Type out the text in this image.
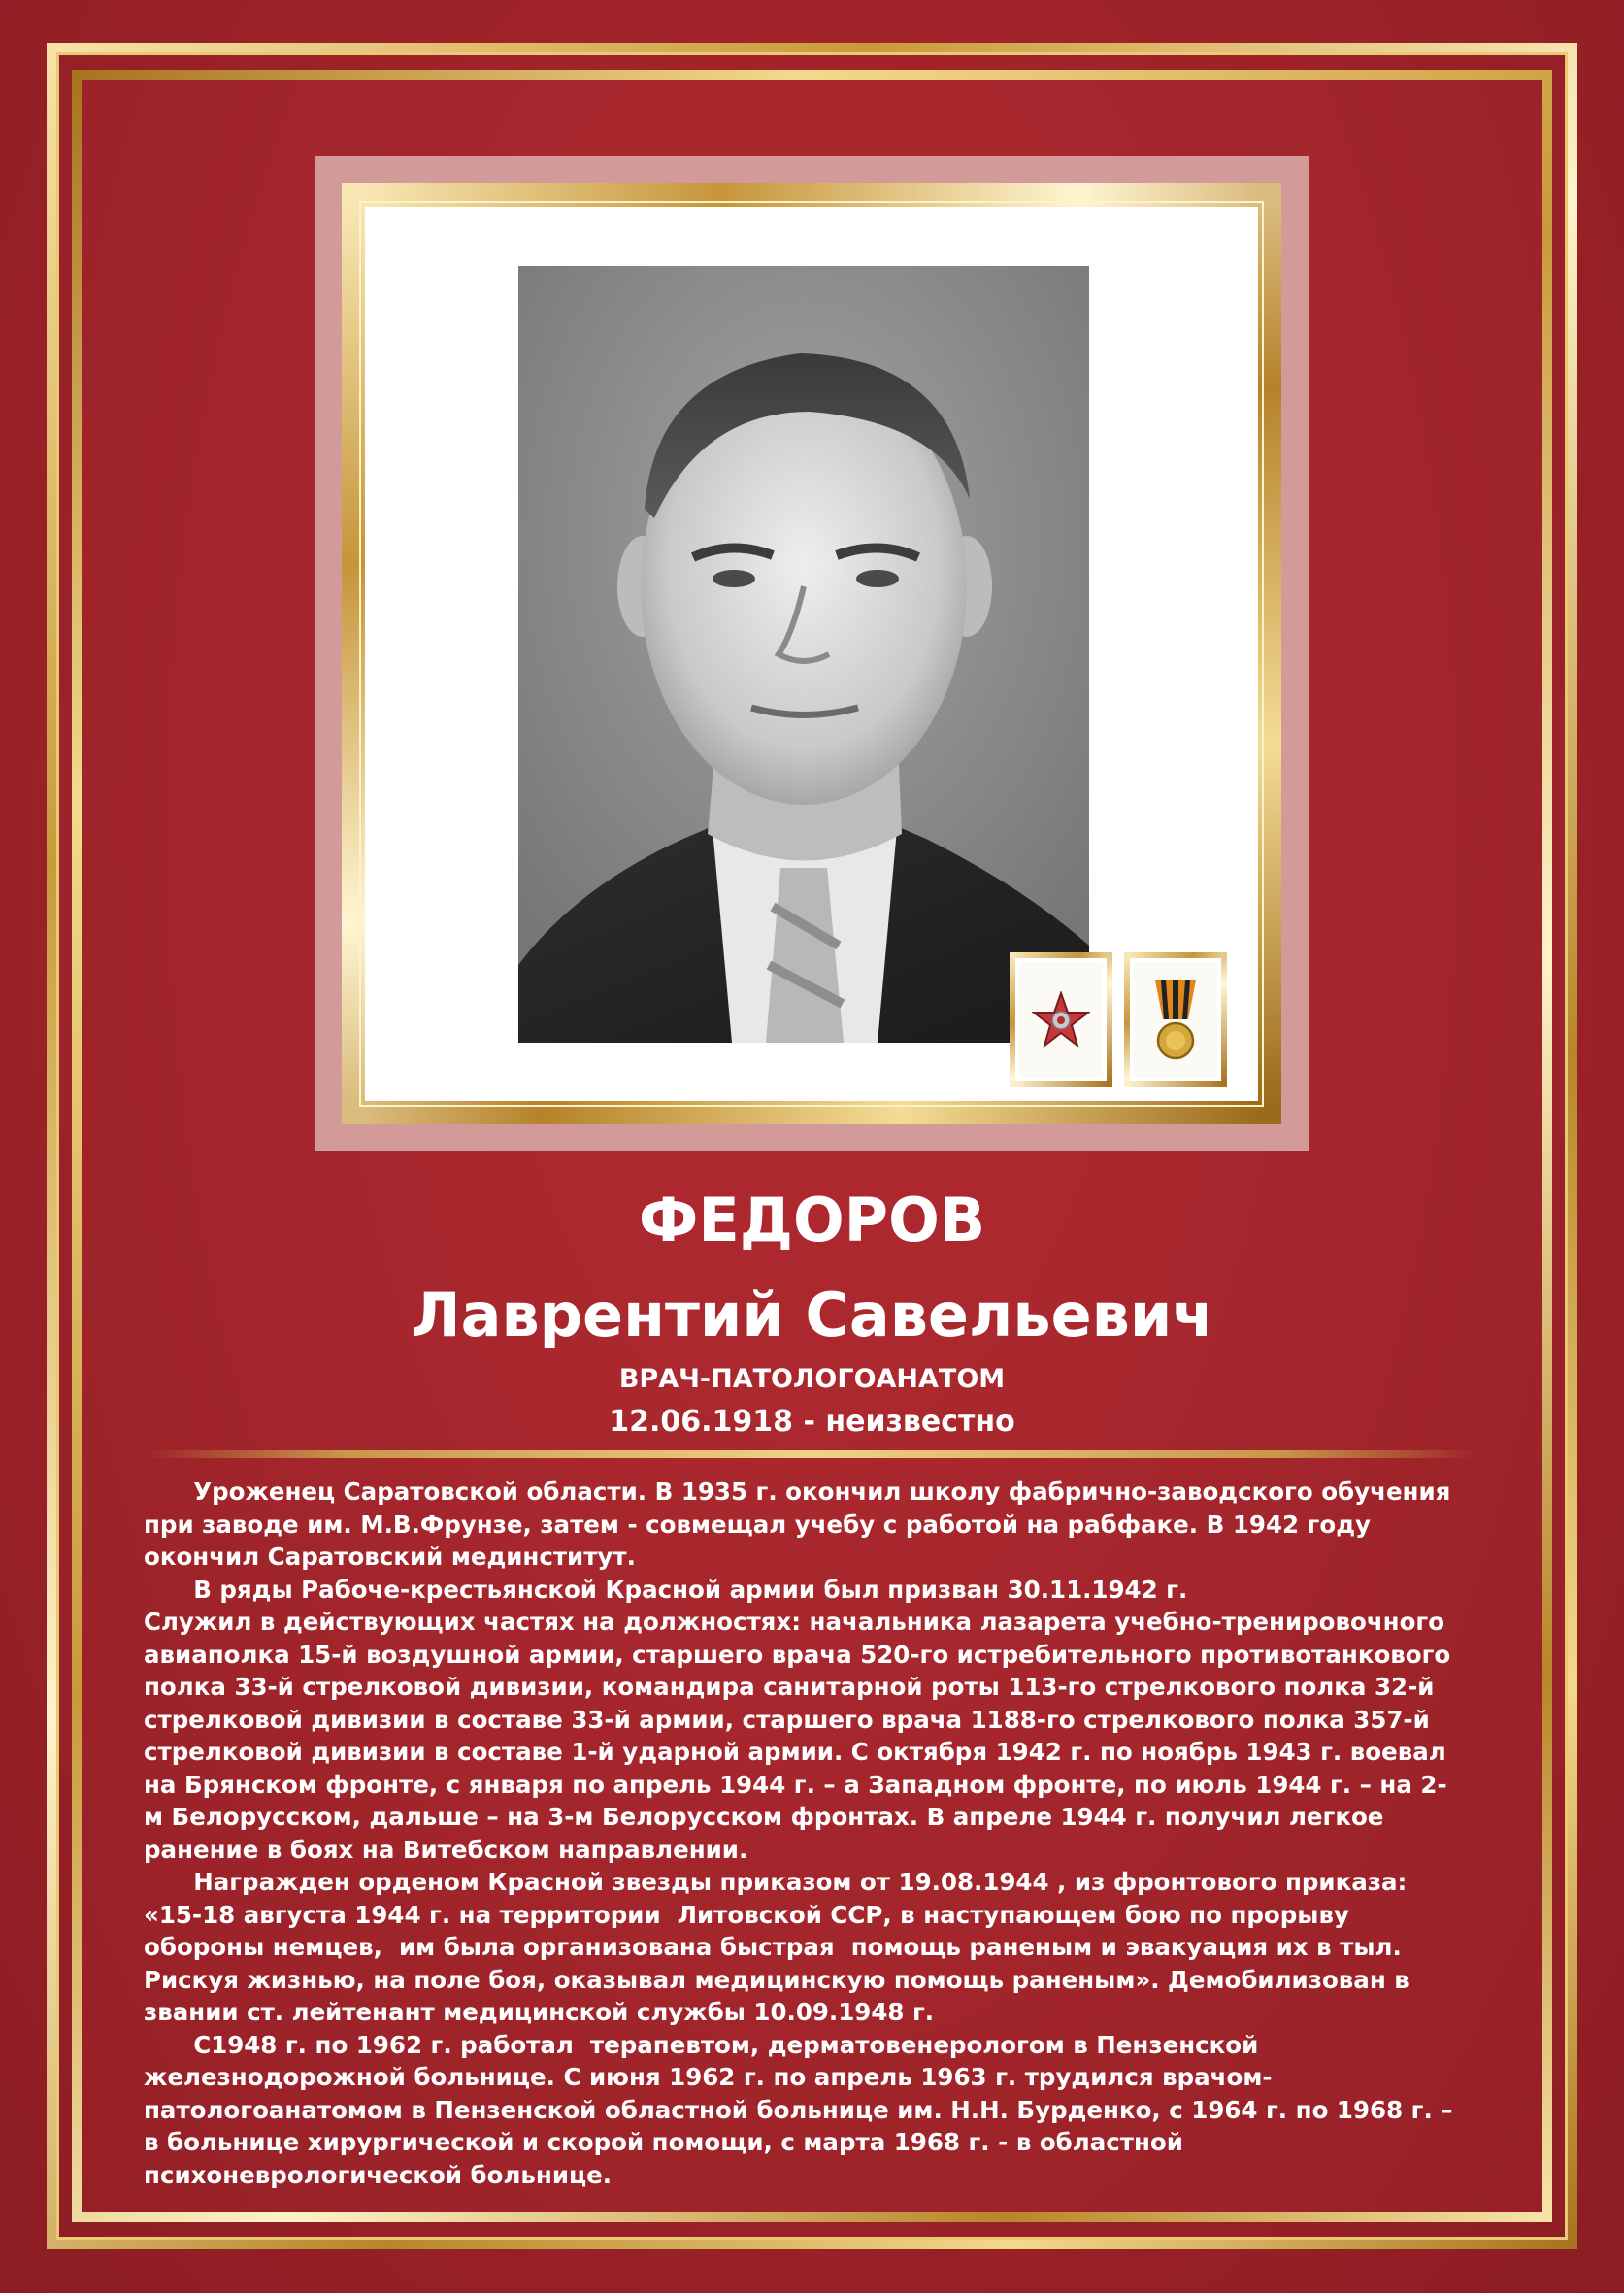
ФЕДОРОВ
Лаврентий Савельевич
ВРАЧ-ПАТОЛОГОАНАТОМ
12.06.1918 - неизвестно

Уроженец Саратовской области. В 1935 г. окончил школу фабрично-заводского обучения

при заводе им. М.В.Фрунзе, затем - совмещал учебу с работой на рабфаке. В 1942 году

окончил Саратовский мединститут.

В ряды Рабоче-крестьянской Красной армии был призван 30.11.1942 г.

Служил в действующих частях на должностях: начальника лазарета учебно-тренировочного

авиаполка 15-й воздушной армии, старшего врача 520-го истребительного противотанкового

полка 33-й стрелковой дивизии, командира санитарной роты 113-го стрелкового полка 32-й

стрелковой дивизии в составе 33-й армии, старшего врача 1188-го стрелкового полка 357-й

стрелковой дивизии в составе 1-й ударной армии. С октября 1942 г. по ноябрь 1943 г. воевал

на Брянском фронте, с января по апрель 1944 г. – а Западном фронте, по июль 1944 г. – на 2-

м Белорусском, дальше – на 3-м Белорусском фронтах. В апреле 1944 г. получил легкое

ранение в боях на Витебском направлении.

Награжден орденом Красной звезды приказом от 19.08.1944 , из фронтового приказа:

«15-18 августа 1944 г. на территории  Литовской ССР, в наступающем бою по прорыву

обороны немцев,  им была организована быстрая  помощь раненым и эвакуация их в тыл.

Рискуя жизнью, на поле боя, оказывал медицинскую помощь раненым». Демобилизован в

звании ст. лейтенант медицинской службы 10.09.1948 г.

С1948 г. по 1962 г. работал  терапевтом, дерматовенерологом в Пензенской

железнодорожной больнице. С июня 1962 г. по апрель 1963 г. трудился врачом-

патологоанатомом в Пензенской областной больнице им. Н.Н. Бурденко, с 1964 г. по 1968 г. –

в больнице хирургической и скорой помощи, с марта 1968 г. - в областной

психоневрологической больнице.
